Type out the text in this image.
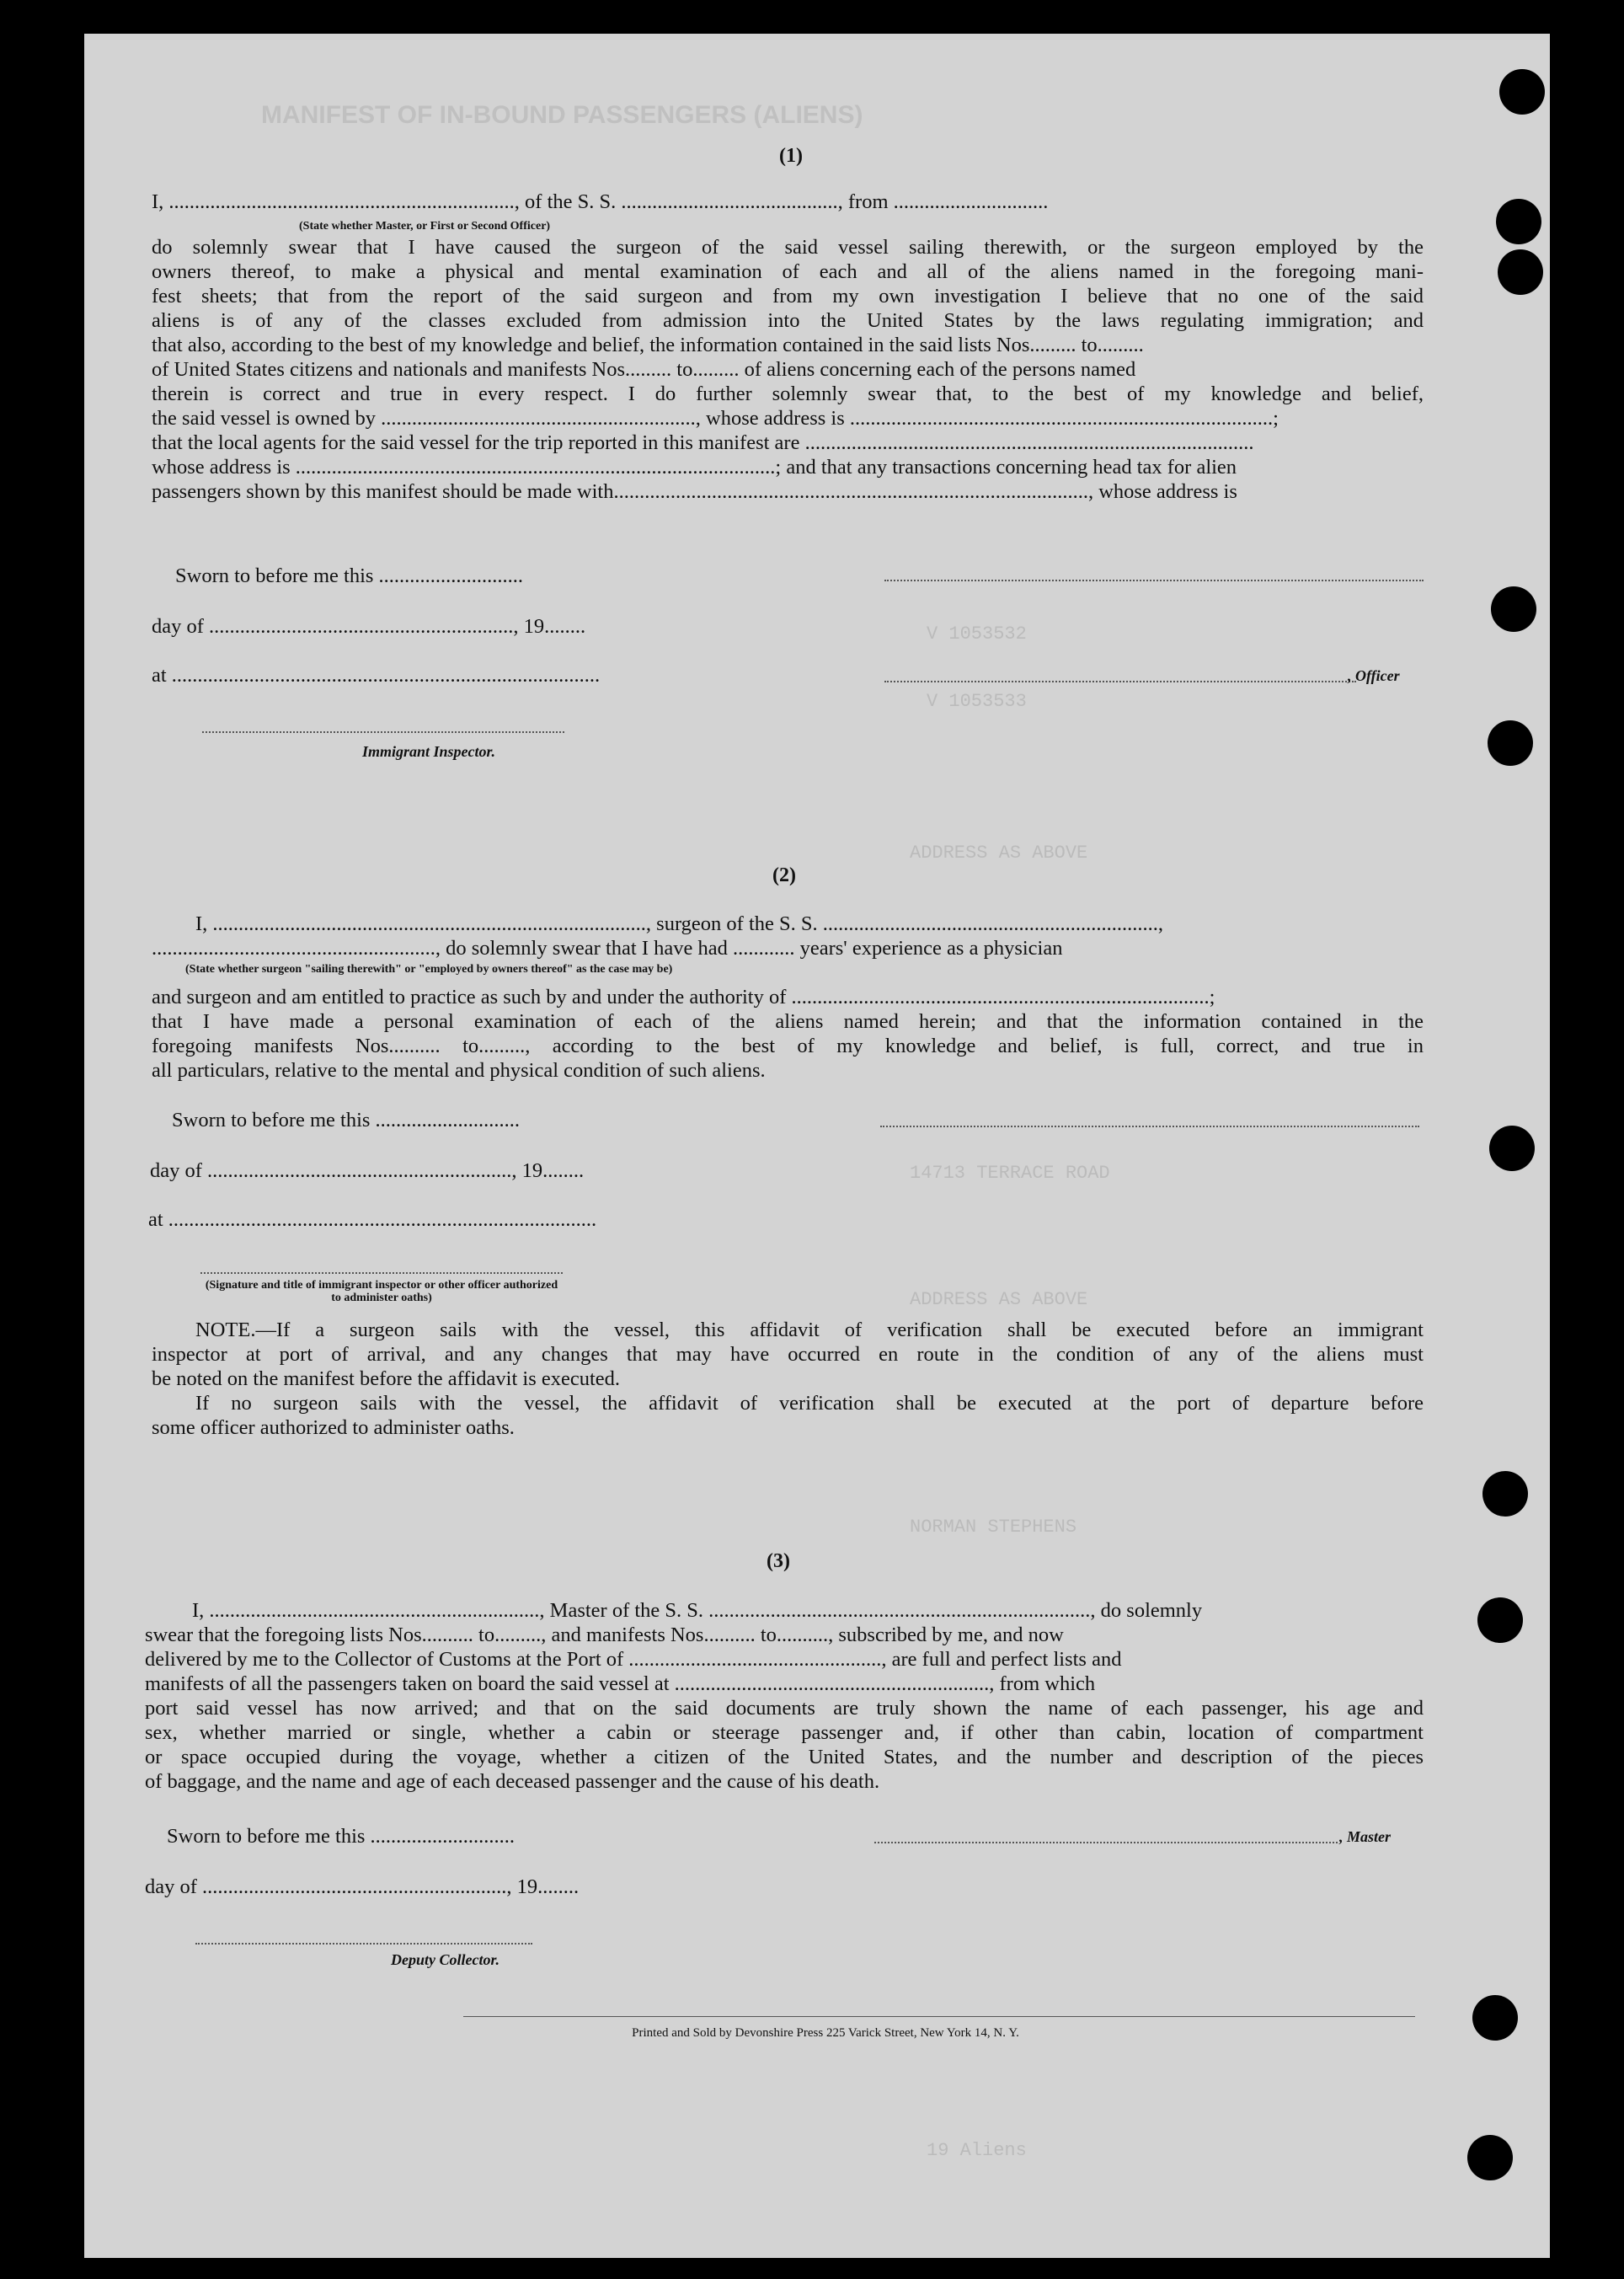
MANIFEST OF IN-BOUND PASSENGERS (ALIENS)
V 1053532
V 1053533
ADDRESS AS ABOVE
14713 TERRACE ROAD
ADDRESS AS ABOVE
NORMAN STEPHENS
19 Aliens
(1)
I, ..................................................................., of the S. S. .........................................., from ..............................
(State whether Master, or First or Second Officer)
do solemnly swear that I have caused the surgeon of the said vessel sailing therewith, or the surgeon employed by the
owners thereof, to make a physical and mental examination of each and all of the aliens named in the foregoing mani-
fest sheets; that from the report of the said surgeon and from my own investigation I believe that no one of the said
aliens is of any of the classes excluded from admission into the United States by the laws regulating immigration; and
that also, according to the best of my knowledge and belief, the information contained in the said lists Nos......... to.........
of United States citizens and nationals and manifests Nos......... to......... of aliens concerning each of the persons named
therein is correct and true in every respect. I do further solemnly swear that, to the best of my knowledge and belief,
the said vessel is owned by ............................................................., whose address is ..................................................................................;
that the local agents for the said vessel for the trip reported in this manifest are .......................................................................................
whose address is .............................................................................................; and that any transactions concerning head tax for alien
passengers shown by this manifest should be made with............................................................................................, whose address is
Sworn to before me this ............................
day of ..........................................................., 19........
at ...................................................................................	, Officer
Immigrant Inspector.
(2)
I, ...................................................................................., surgeon of the S. S. .................................................................,
......................................................., do solemnly swear that I have had ............ years' experience as a physician
(State whether surgeon "sailing therewith" or "employed by owners thereof" as the case may be)
and surgeon and am entitled to practice as such by and under the authority of .................................................................................;
that I have made a personal examination of each of the aliens named herein; and that the information contained in the
foregoing manifests Nos.......... to........., according to the best of my knowledge and belief, is full, correct, and true in
all particulars, relative to the mental and physical condition of such aliens.
Sworn to before me this ............................
day of ..........................................................., 19........
at ...................................................................................
(Signature and title of immigrant inspector or other officer authorized to administer oaths)
NOTE.—If a surgeon sails with the vessel, this affidavit of verification shall be executed before an immigrant
inspector at port of arrival, and any changes that may have occurred en route in the condition of any of the aliens must
be noted on the manifest before the affidavit is executed.
If no surgeon sails with the vessel, the affidavit of verification shall be executed at the port of departure before
some officer authorized to administer oaths.
(3)
I, ................................................................, Master of the S. S. .........................................................................., do solemnly
swear that the foregoing lists Nos.......... to........., and manifests Nos.......... to.........., subscribed by me, and now
delivered by me to the Collector of Customs at the Port of ................................................., are full and perfect lists and
manifests of all the passengers taken on board the said vessel at ............................................................., from which
port said vessel has now arrived; and that on the said documents are truly shown the name of each passenger, his age and
sex, whether married or single, whether a cabin or steerage passenger and, if other than cabin, location of compartment
or space occupied during the voyage, whether a citizen of the United States, and the number and description of the pieces
of baggage, and the name and age of each deceased passenger and the cause of his death.
Sworn to before me this ............................	, Master
day of ..........................................................., 19........
Deputy Collector.
Printed and Sold by Devonshire Press 225 Varick Street, New York 14, N. Y.
